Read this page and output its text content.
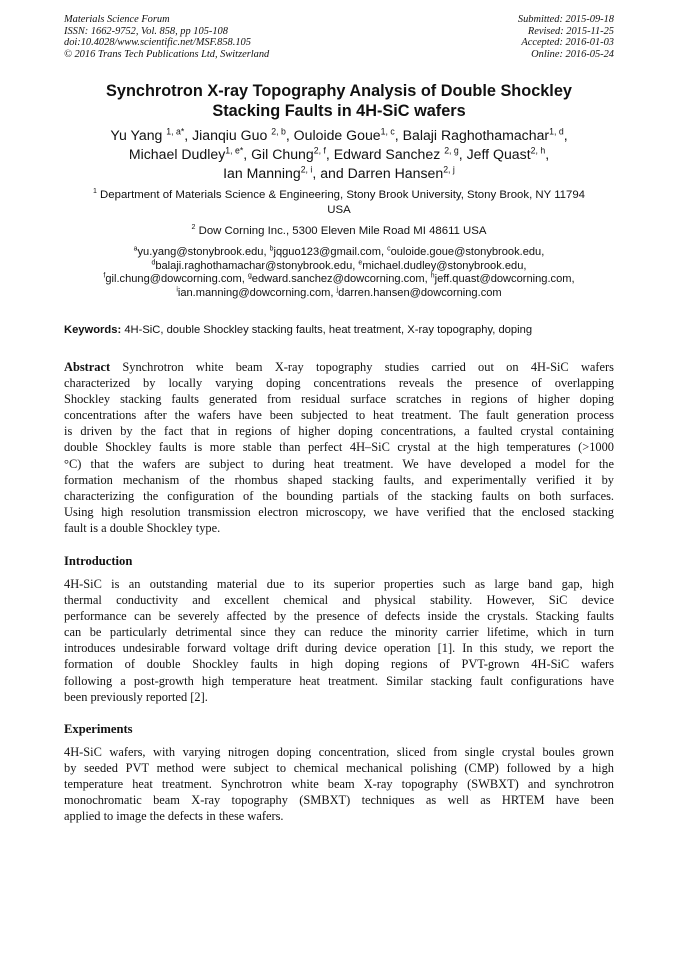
Materials Science Forum
ISSN: 1662-9752, Vol. 858, pp 105-108
doi:10.4028/www.scientific.net/MSF.858.105
© 2016 Trans Tech Publications Ltd, Switzerland
Submitted: 2015-09-18
Revised: 2015-11-25
Accepted: 2016-01-03
Online: 2016-05-24
Synchrotron X-ray Topography Analysis of Double Shockley
Stacking Faults in 4H-SiC wafers
Yu Yang $^{1, a*}$, Jianqiu Guo $^{2, b}$, Ouloide Goue$^{1, c}$, Balaji Raghothamachar$^{1, d}$,
Michael Dudley$^{1, e*}$, Gil Chung$^{2, f}$, Edward Sanchez $^{2, g}$, Jeff Quast$^{2, h}$,
Ian Manning$^{2, i}$, and Darren Hansen$^{2, j}$
$^1$ Department of Materials Science & Engineering, Stony Brook University, Stony Brook, NY 11794
USA
$^2$ Dow Corning Inc., 5300 Eleven Mile Road MI 48611 USA
$^a$yu.yang@stonybrook.edu, $^b$jqguo123@gmail.com, $^c$ouloide.goue@stonybrook.edu,
$^d$balaji.raghothamachar@stonybrook.edu, $^e$michael.dudley@stonybrook.edu,
$^f$gil.chung@dowcorning.com, $^g$edward.sanchez@dowcorning.com, $^h$jeff.quast@dowcorning.com,
$^i$ian.manning@dowcorning.com, $^j$darren.hansen@dowcorning.com
Keywords: 4H-SiC, double Shockley stacking faults, heat treatment, X-ray topography, doping
Abstract Synchrotron white beam X-ray topography studies carried out on 4H-SiC wafers
characterized by locally varying doping concentrations reveals the presence of overlapping
Shockley stacking faults generated from residual surface scratches in regions of higher doping
concentrations after the wafers have been subjected to heat treatment. The fault generation process
is driven by the fact that in regions of higher doping concentrations, a faulted crystal containing
double Shockley faults is more stable than perfect 4H–SiC crystal at the high temperatures (>1000
°C) that the wafers are subject to during heat treatment. We have developed a model for the
formation mechanism of the rhombus shaped stacking faults, and experimentally verified it by
characterizing the configuration of the bounding partials of the stacking faults on both surfaces.
Using high resolution transmission electron microscopy, we have verified that the enclosed stacking
fault is a double Shockley type.
Introduction
4H-SiC is an outstanding material due to its superior properties such as large band gap, high
thermal conductivity and excellent chemical and physical stability. However, SiC device
performance can be severely affected by the presence of defects inside the crystals. Stacking faults
can be particularly detrimental since they can reduce the minority carrier lifetime, which in turn
introduces undesirable forward voltage drift during device operation [1]. In this study, we report the
formation of double Shockley faults in high doping regions of PVT-grown 4H-SiC wafers
following a post-growth high temperature heat treatment. Similar stacking fault configurations have
been previously reported [2].
Experiments
4H-SiC wafers, with varying nitrogen doping concentration, sliced from single crystal boules grown
by seeded PVT method were subject to chemical mechanical polishing (CMP) followed by a high
temperature heat treatment. Synchrotron white beam X-ray topography (SWBXT) and synchrotron
monochromatic beam X-ray topography (SMBXT) techniques as well as HRTEM have been
applied to image the defects in these wafers.
